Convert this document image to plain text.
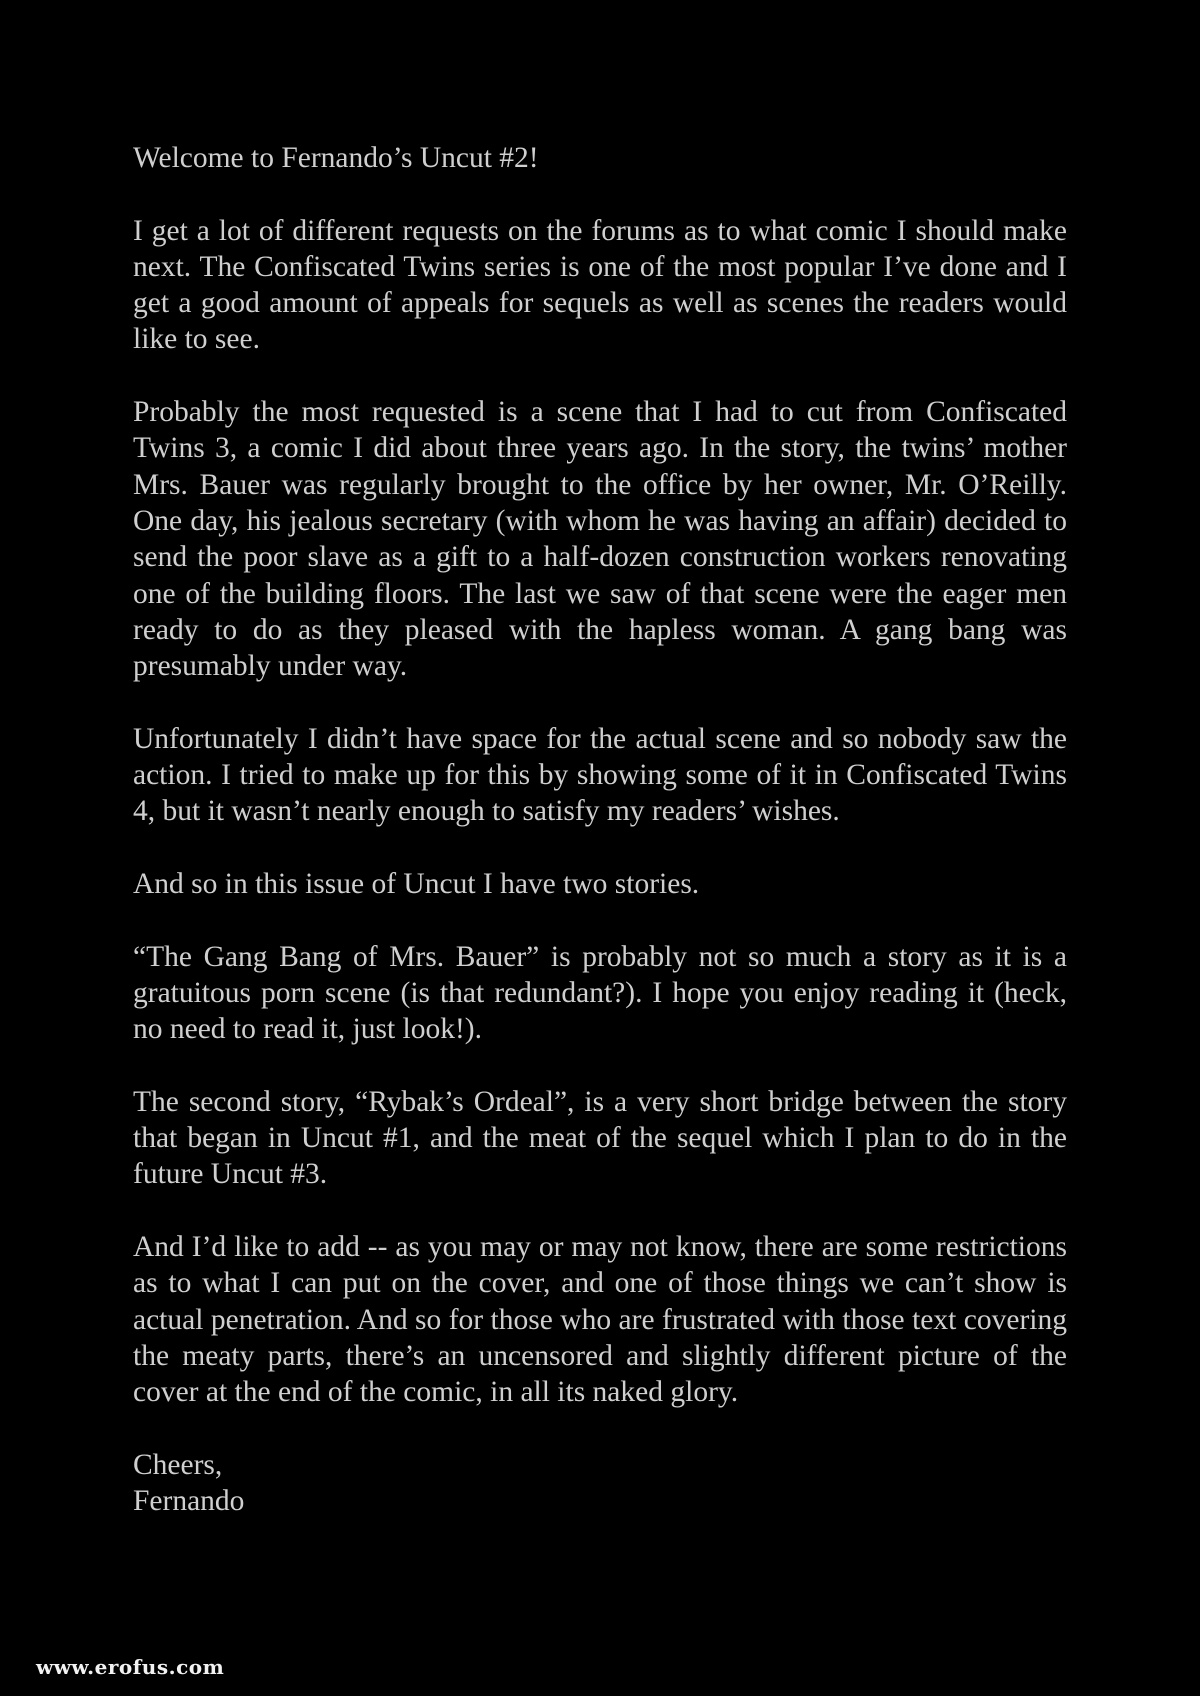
Welcome to Fernando’s Uncut #2!

I get a lot of different requests on the forums as to what comic I should make next. The Confiscated Twins series is one of the most popular I’ve done and I get a good amount of appeals for sequels as well as scenes the readers would like to see.

Probably the most requested is a scene that I had to cut from Confiscated Twins 3, a comic I did about three years ago. In the story, the twins’ mother Mrs. Bauer was regularly brought to the office by her owner, Mr. O’Reilly. One day, his jealous secretary (with whom he was having an affair) decided to send the poor slave as a gift to a half-dozen construction workers renovating one of the building floors. The last we saw of that scene were the eager men ready to do as they pleased with the hapless woman. A gang bang was presumably under way.

Unfortunately I didn’t have space for the actual scene and so nobody saw the action. I tried to make up for this by showing some of it in Confiscated Twins 4, but it wasn’t nearly enough to satisfy my readers’ wishes.

And so in this issue of Uncut I have two stories.

“The Gang Bang of Mrs. Bauer” is probably not so much a story as it is a gratuitous porn scene (is that redundant?). I hope you enjoy reading it (heck, no need to read it, just look!).

The second story, “Rybak’s Ordeal”, is a very short bridge between the story that began in Uncut #1, and the meat of the sequel which I plan to do in the future Uncut #3.

And I’d like to add -- as you may or may not know, there are some restrictions as to what I can put on the cover, and one of those things we can’t show is actual penetration. And so for those who are frustrated with those text covering the meaty parts, there’s an uncensored and slightly different picture of the cover at the end of the comic, in all its naked glory.

Cheers,
Fernando

www.erofus.com
